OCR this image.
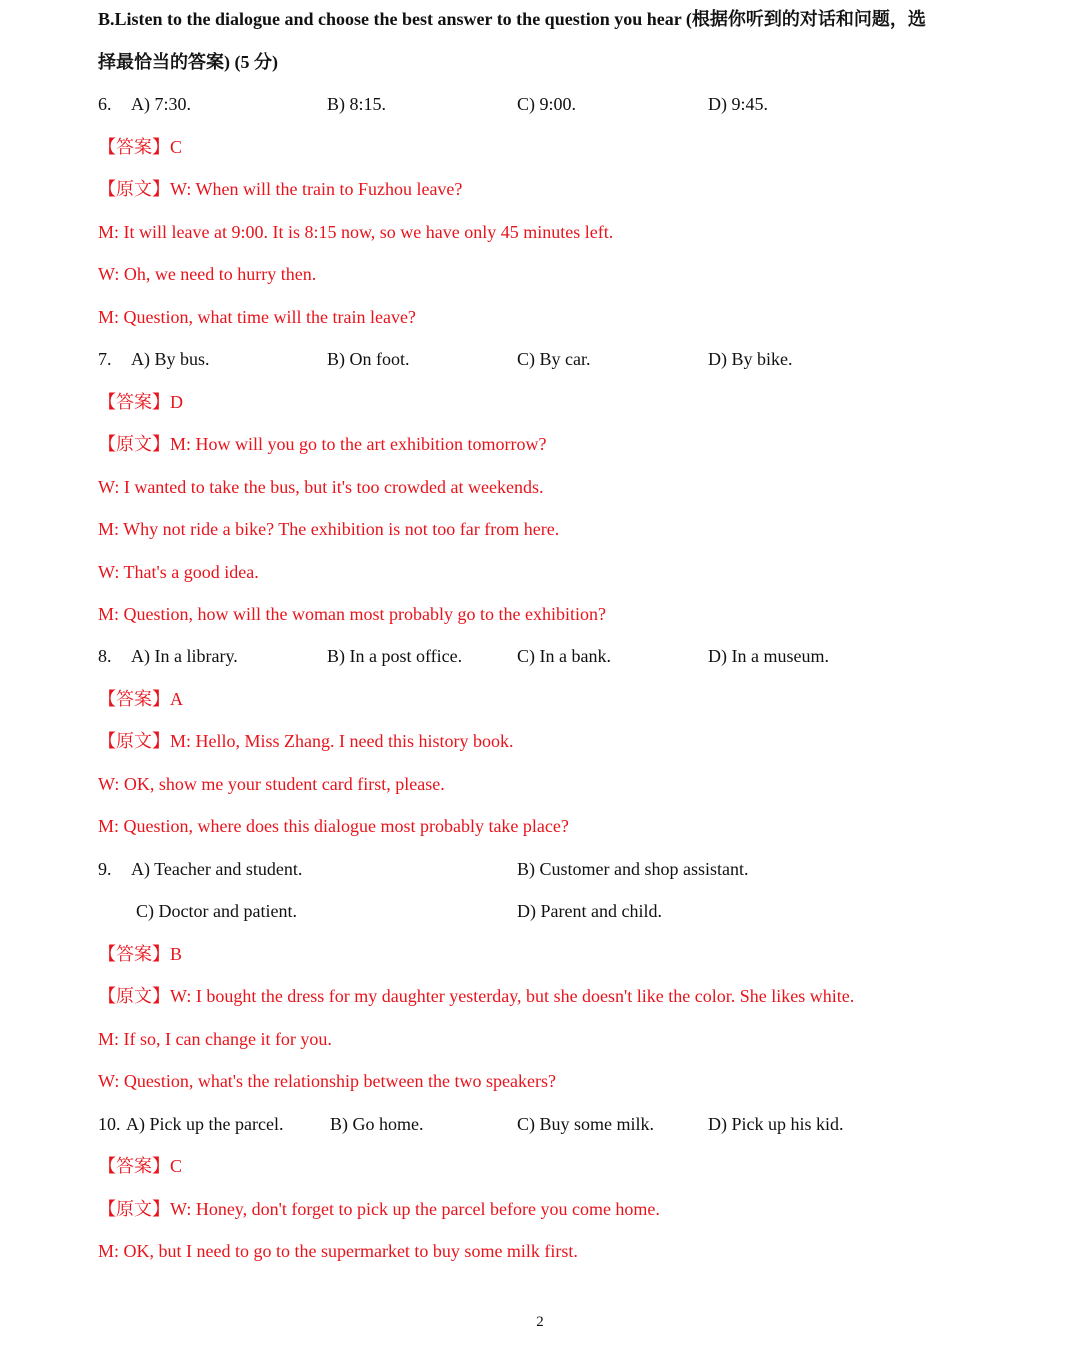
B.Listen to the dialogue and choose the best answer to the question you hear (根据你听到的对话和问题，选
择最恰当的答案) (5 分)
6. A) 7:30.	B) 8:15.	C) 9:00.	D) 9:45.
【答案】C
【原文】W: When will the train to Fuzhou leave?
M: It will leave at 9:00. It is 8:15 now, so we have only 45 minutes left.
W: Oh, we need to hurry then.
M: Question, what time will the train leave?
7. A) By bus.	B) On foot.	C) By car.	D) By bike.
【答案】D
【原文】M: How will you go to the art exhibition tomorrow?
W: I wanted to take the bus, but it's too crowded at weekends.
M: Why not ride a bike? The exhibition is not too far from here.
W: That's a good idea.
M: Question, how will the woman most probably go to the exhibition?
8. A) In a library.	B) In a post office.	C) In a bank.	D) In a museum.
【答案】A
【原文】M: Hello, Miss Zhang. I need this history book.
W: OK, show me your student card first, please.
M: Question, where does this dialogue most probably take place?
9. A) Teacher and student.	B) Customer and shop assistant.
C) Doctor and patient.	D) Parent and child.
【答案】B
【原文】W: I bought the dress for my daughter yesterday, but she doesn't like the color. She likes white.
M: If so, I can change it for you.
W: Question, what's the relationship between the two speakers?
10. A) Pick up the parcel.	B) Go home.	C) Buy some milk.	D) Pick up his kid.
【答案】C
【原文】W: Honey, don't forget to pick up the parcel before you come home.
M: OK, but I need to go to the supermarket to buy some milk first.
2
